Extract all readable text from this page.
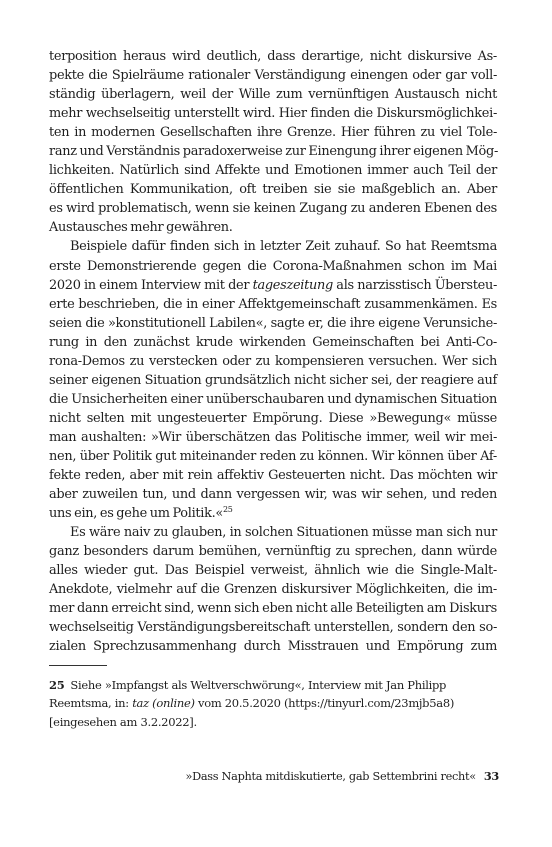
terposition heraus wird deutlich, dass derartige, nicht diskursive As-
pekte die Spielräume rationaler Verständigung einengen oder gar voll-
ständig überlagern, weil der Wille zum vernünftigen Austausch nicht
mehr wechselseitig unterstellt wird. Hier finden die Diskursmöglichkei-
ten in modernen Gesellschaften ihre Grenze. Hier führen zu viel Tole-
ranz und Verständnis paradoxerweise zur Einengung ihrer eigenen Mög-
lichkeiten. Natürlich sind Affekte und Emotionen immer auch Teil der
öffentlichen Kommunikation, oft treiben sie sie maßgeblich an. Aber
es wird problematisch, wenn sie keinen Zugang zu anderen Ebenen des
Austausches mehr gewähren.
Beispiele dafür finden sich in letzter Zeit zuhauf. So hat Reemtsma
erste Demonstrierende gegen die Corona-Maßnahmen schon im Mai
2020 in einem Interview mit der tageszeitung als narzisstisch Übersteu-
erte beschrieben, die in einer Affektgemeinschaft zusammenkämen. Es
seien die »konstitutionell Labilen«, sagte er, die ihre eigene Verunsiche-
rung in den zunächst krude wirkenden Gemeinschaften bei Anti-Co-
rona-Demos zu verstecken oder zu kompensieren versuchen. Wer sich
seiner eigenen Situation grundsätzlich nicht sicher sei, der reagiere auf
die Unsicherheiten einer unüberschaubaren und dynamischen Situation
nicht selten mit ungesteuerter Empörung. Diese »Bewegung« müsse
man aushalten: »Wir überschätzen das Politische immer, weil wir mei-
nen, über Politik gut miteinander reden zu können. Wir können über Af-
fekte reden, aber mit rein affektiv Gesteuerten nicht. Das möchten wir
aber zuweilen tun, und dann vergessen wir, was wir sehen, und reden
uns ein, es gehe um Politik.«$^{25}$
Es wäre naiv zu glauben, in solchen Situationen müsse man sich nur
ganz besonders darum bemühen, vernünftig zu sprechen, dann würde
alles wieder gut. Das Beispiel verweist, ähnlich wie die Single-Malt-
Anekdote, vielmehr auf die Grenzen diskursiver Möglichkeiten, die im-
mer dann erreicht sind, wenn sich eben nicht alle Beteiligten am Diskurs
wechselseitig Verständigungsbereitschaft unterstellen, sondern den so-
zialen Sprechzusammenhang durch Misstrauen und Empörung zum
25 Siehe »Impfangst als Weltverschwörung«, Interview mit Jan Philipp
Reemtsma, in: taz (online) vom 20.5.2020 (https://tinyurl.com/23mjb5a8)
[eingesehen am 3.2.2022].
»Dass Naphta mitdiskutierte, gab Settembrini recht« 33
